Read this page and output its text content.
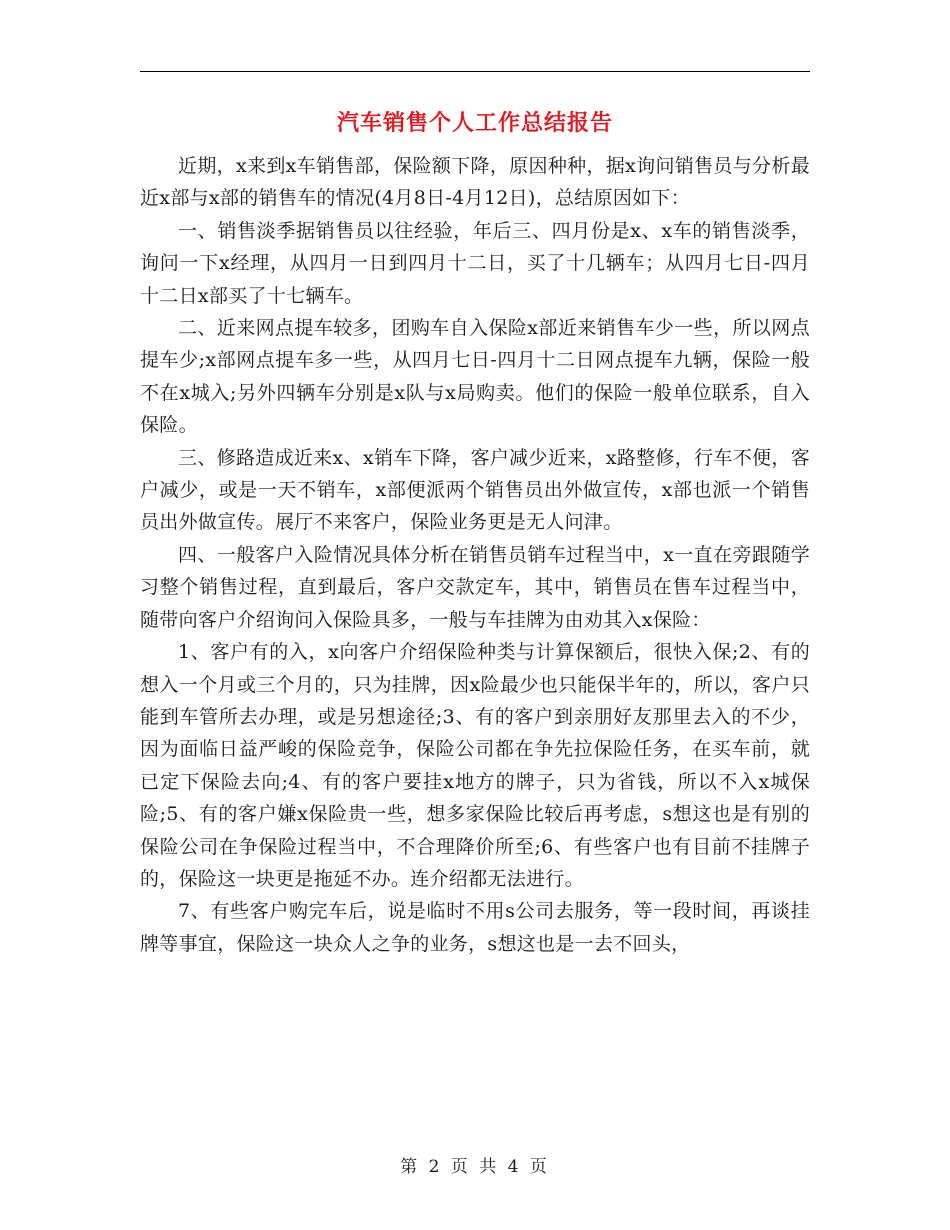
汽车销售个人工作总结报告

近期，x来到x车销售部，保险额下降，原因种种，据x询问销售员与分析最近x部与x部的销售车的情况(4月8日-4月12日)，总结原因如下：

一、销售淡季据销售员以往经验，年后三、四月份是x、x车的销售淡季，询问一下x经理，从四月一日到四月十二日，买了十几辆车；从四月七日-四月十二日x部买了十七辆车。

二、近来网点提车较多，团购车自入保险x部近来销售车少一些，所以网点提车少;x部网点提车多一些，从四月七日-四月十二日网点提车九辆，保险一般不在x城入;另外四辆车分别是x队与x局购卖。他们的保险一般单位联系，自入保险。

三、修路造成近来x、x销车下降，客户减少近来，x路整修，行车不便，客户减少，或是一天不销车，x部便派两个销售员出外做宣传，x部也派一个销售员出外做宣传。展厅不来客户，保险业务更是无人问津。

四、一般客户入险情况具体分析在销售员销车过程当中，x一直在旁跟随学习整个销售过程，直到最后，客户交款定车，其中，销售员在售车过程当中，随带向客户介绍询问入保险具多，一般与车挂牌为由劝其入x保险：

1、客户有的入，x向客户介绍保险种类与计算保额后，很快入保;2、有的想入一个月或三个月的，只为挂牌，因x险最少也只能保半年的，所以，客户只能到车管所去办理，或是另想途径;3、有的客户到亲朋好友那里去入的不少，因为面临日益严峻的保险竞争，保险公司都在争先拉保险任务，在买车前，就已定下保险去向;4、有的客户要挂x地方的牌子，只为省钱，所以不入x城保险;5、有的客户嫌x保险贵一些，想多家保险比较后再考虑，s想这也是有别的保险公司在争保险过程当中，不合理降价所至;6、有些客户也有目前不挂牌子的，保险这一块更是拖延不办。连介绍都无法进行。

7、有些客户购完车后，说是临时不用s公司去服务，等一段时间，再谈挂牌等事宜，保险这一块众人之争的业务，s想这也是一去不回头，

第 2 页 共 4 页
